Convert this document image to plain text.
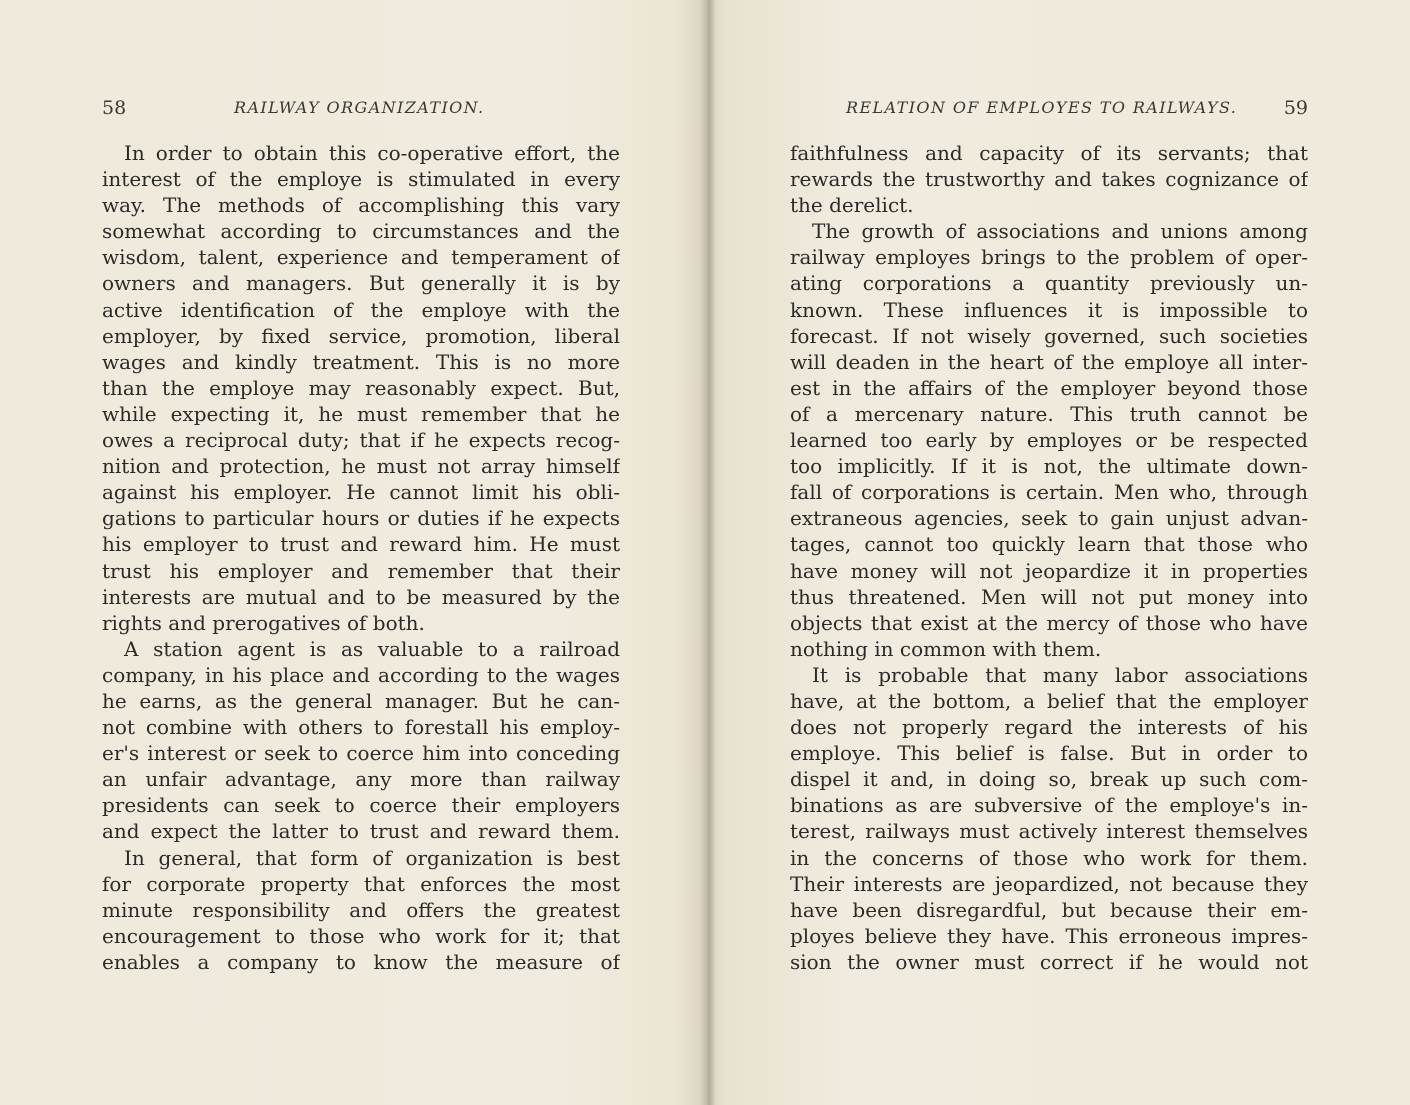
58	RAILWAY ORGANIZATION.
In order to obtain this co-operative effort, the
interest of the employe is stimulated in every
way. The methods of accomplishing this vary
somewhat according to circumstances and the
wisdom, talent, experience and temperament of
owners and managers. But generally it is by
active identification of the employe with the
employer, by fixed service, promotion, liberal
wages and kindly treatment. This is no more
than the employe may reasonably expect. But,
while expecting it, he must remember that he
owes a reciprocal duty; that if he expects recog-
nition and protection, he must not array himself
against his employer. He cannot limit his obli-
gations to particular hours or duties if he expects
his employer to trust and reward him. He must
trust his employer and remember that their
interests are mutual and to be measured by the
rights and prerogatives of both.
A station agent is as valuable to a railroad
company, in his place and according to the wages
he earns, as the general manager. But he can-
not combine with others to forestall his employ-
er's interest or seek to coerce him into conceding
an unfair advantage, any more than railway
presidents can seek to coerce their employers
and expect the latter to trust and reward them.
In general, that form of organization is best
for corporate property that enforces the most
minute responsibility and offers the greatest
encouragement to those who work for it; that
enables a company to know the measure of
RELATION OF EMPLOYES TO RAILWAYS. 59
faithfulness and capacity of its servants; that
rewards the trustworthy and takes cognizance of
the derelict.
The growth of associations and unions among
railway employes brings to the problem of oper-
ating corporations a quantity previously un-
known. These influences it is impossible to
forecast. If not wisely governed, such societies
will deaden in the heart of the employe all inter-
est in the affairs of the employer beyond those
of a mercenary nature. This truth cannot be
learned too early by employes or be respected
too implicitly. If it is not, the ultimate down-
fall of corporations is certain. Men who, through
extraneous agencies, seek to gain unjust advan-
tages, cannot too quickly learn that those who
have money will not jeopardize it in properties
thus threatened. Men will not put money into
objects that exist at the mercy of those who have
nothing in common with them.
It is probable that many labor associations
have, at the bottom, a belief that the employer
does not properly regard the interests of his
employe. This belief is false. But in order to
dispel it and, in doing so, break up such com-
binations as are subversive of the employe's in-
terest, railways must actively interest themselves
in the concerns of those who work for them.
Their interests are jeopardized, not because they
have been disregardful, but because their em-
ployes believe they have. This erroneous impres-
sion the owner must correct if he would not
